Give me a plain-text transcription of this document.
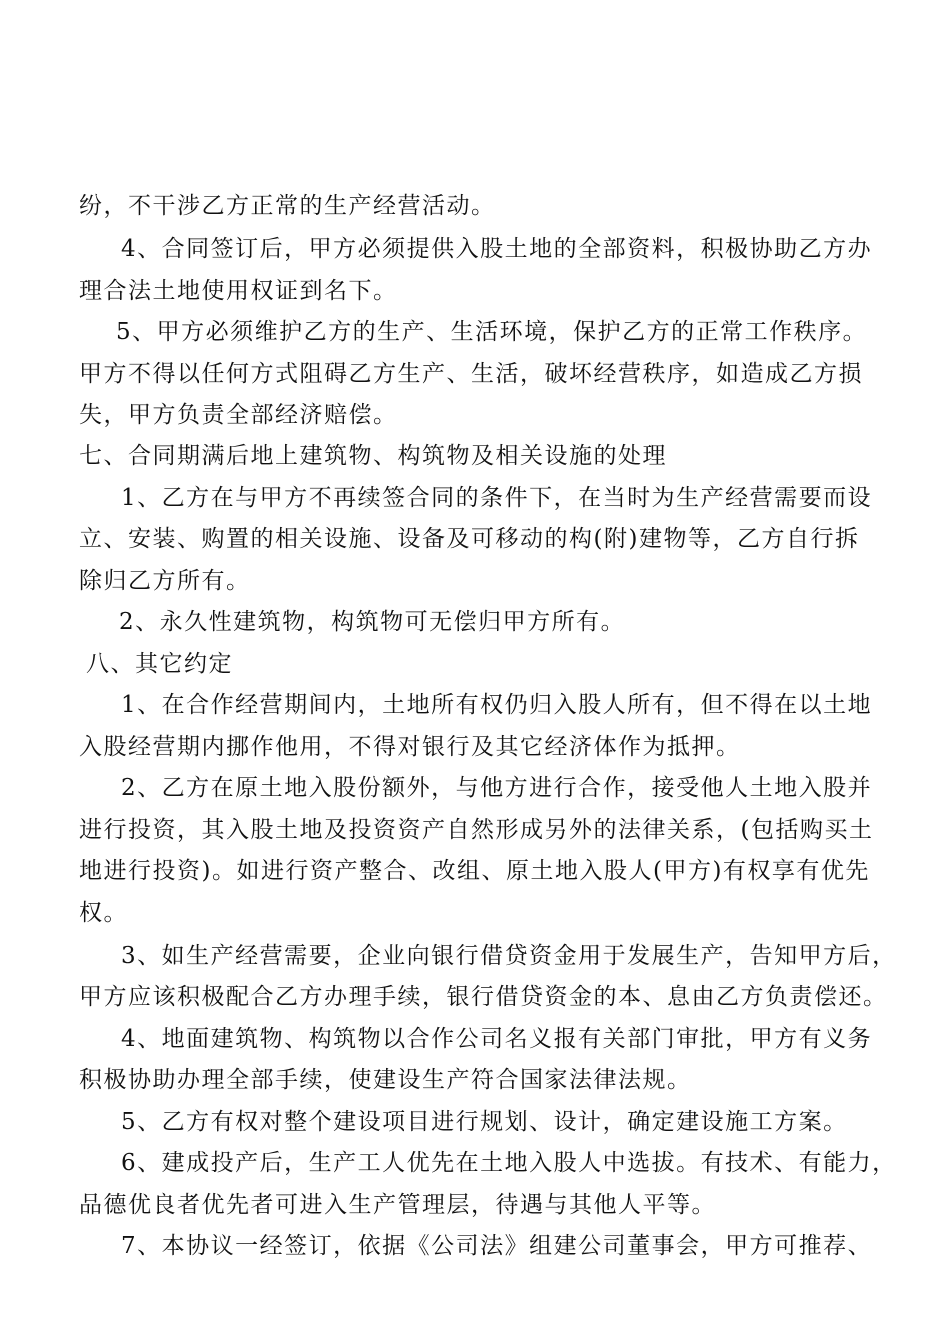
纷，不干涉乙方正常的生产经营活动。
4、合同签订后，甲方必须提供入股土地的全部资料，积极协助乙方办
理合法土地使用权证到名下。
5、甲方必须维护乙方的生产、生活环境，保护乙方的正常工作秩序。
甲方不得以任何方式阻碍乙方生产、生活，破坏经营秩序，如造成乙方损
失，甲方负责全部经济赔偿。
七、合同期满后地上建筑物、构筑物及相关设施的处理
1、乙方在与甲方不再续签合同的条件下，在当时为生产经营需要而设
立、安装、购置的相关设施、设备及可移动的构(附)建物等，乙方自行拆
除归乙方所有。
2、永久性建筑物，构筑物可无偿归甲方所有。
八、其它约定
1、在合作经营期间内，土地所有权仍归入股人所有，但不得在以土地
入股经营期内挪作他用，不得对银行及其它经济体作为抵押。
2、乙方在原土地入股份额外，与他方进行合作，接受他人土地入股并
进行投资，其入股土地及投资资产自然形成另外的法律关系，(包括购买土
地进行投资)。如进行资产整合、改组、原土地入股人(甲方)有权享有优先
权。
3、如生产经营需要，企业向银行借贷资金用于发展生产，告知甲方后，
甲方应该积极配合乙方办理手续，银行借贷资金的本、息由乙方负责偿还。
4、地面建筑物、构筑物以合作公司名义报有关部门审批，甲方有义务
积极协助办理全部手续，使建设生产符合国家法律法规。
5、乙方有权对整个建设项目进行规划、设计，确定建设施工方案。
6、建成投产后，生产工人优先在土地入股人中选拔。有技术、有能力，
品德优良者优先者可进入生产管理层，待遇与其他人平等。
7、本协议一经签订，依据《公司法》组建公司董事会，甲方可推荐、
